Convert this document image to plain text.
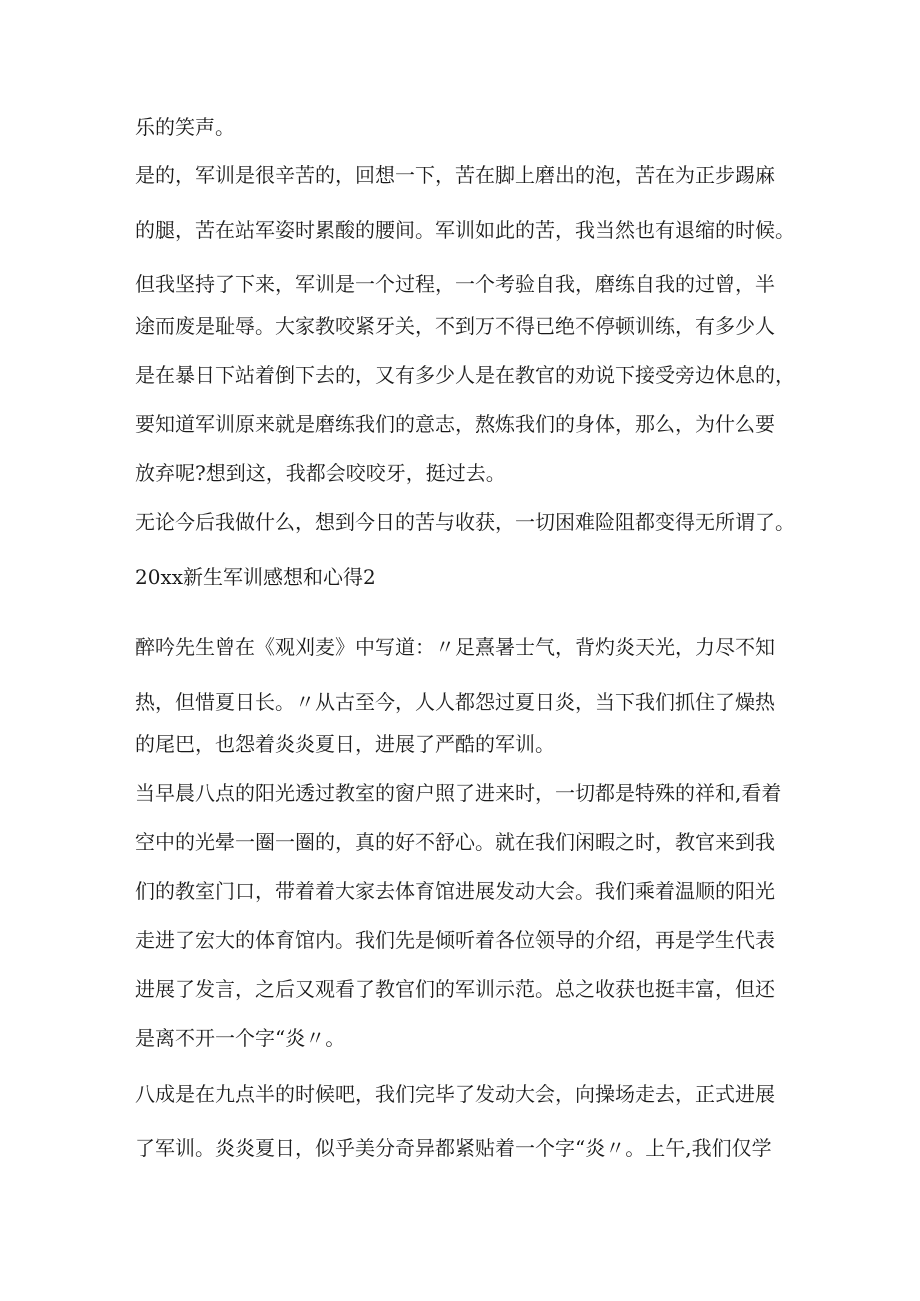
乐的笑声。
是的，军训是很辛苦的，回想一下，苦在脚上磨出的泡，苦在为正步踢麻
的腿，苦在站军姿时累酸的腰间。军训如此的苦，我当然也有退缩的时候。
但我坚持了下来，军训是一个过程，一个考验自我，磨练自我的过曾，半
途而废是耻辱。大家教咬紧牙关，不到万不得已绝不停顿训练，有多少人
是在暴日下站着倒下去的，又有多少人是在教官的劝说下接受旁边休息的，
要知道军训原来就是磨练我们的意志，熬炼我们的身体，那么，为什么要
放弃呢?想到这，我都会咬咬牙，挺过去。
无论今后我做什么，想到今日的苦与收获，一切困难险阻都变得无所谓了。
20xx新生军训感想和心得2
醉吟先生曾在《观刈麦》中写道：〃足熹暑士气，背灼炎天光，力尽不知
热，但惜夏日长。〃从古至今，人人都怨过夏日炎，当下我们抓住了燥热
的尾巴，也怨着炎炎夏日，进展了严酷的军训。
当早晨八点的阳光透过教室的窗户照了进来时，一切都是特殊的祥和,看着
空中的光晕一圈一圈的，真的好不舒心。就在我们闲暇之时，教官来到我
们的教室门口，带着着大家去体育馆进展发动大会。我们乘着温顺的阳光
走进了宏大的体育馆内。我们先是倾听着各位领导的介绍，再是学生代表
进展了发言，之后又观看了教官们的军训示范。总之收获也挺丰富，但还
是离不开一个字“炎〃。
八成是在九点半的时候吧，我们完毕了发动大会，向操场走去，正式进展
了军训。炎炎夏日，似乎美分奇异都紧贴着一个字“炎〃。上午,我们仅学
